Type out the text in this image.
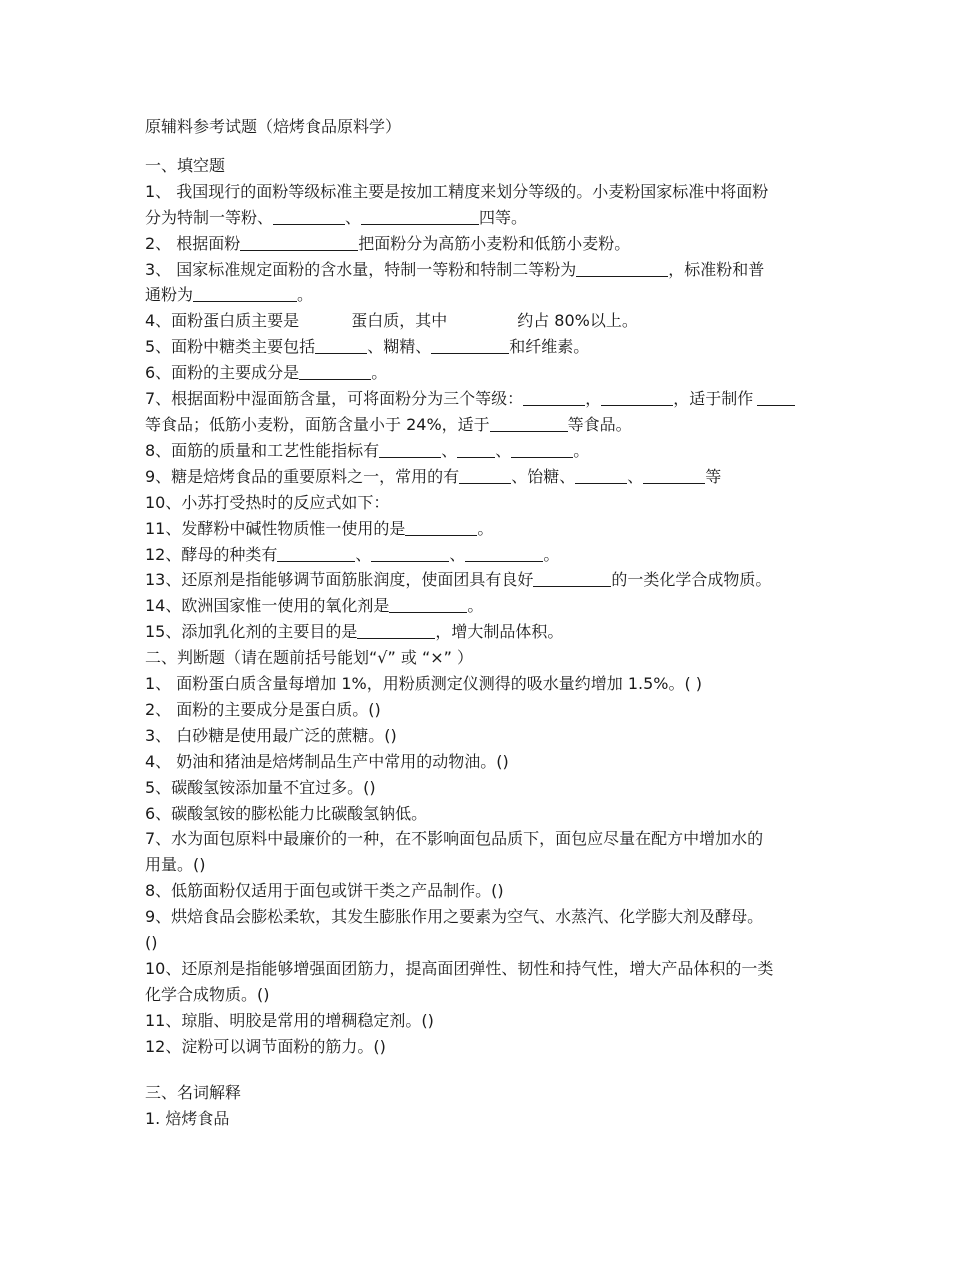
原辅料参考试题（焙烤食品原料学）
一、填空题
1、 我国现行的面粉等级标准主要是按加工精度来划分等级的。小麦粉国家标准中将面粉
分为特制一等粉、	、	四等。
2、 根据面粉	把面粉分为高筋小麦粉和低筋小麦粉。
3、 国家标准规定面粉的含水量，特制一等粉和特制二等粉为	，标准粉和普
通粉为	。
4、面粉蛋白质主要是	蛋白质，其中	约占 80%以上。
5、面粉中糖类主要包括	、糊精、	和纤维素。
6、面粉的主要成分是	。
7、根据面粉中湿面筋含量，可将面粉分为三个等级：	，	，适于制作
等食品；低筋小麦粉，面筋含量小于 24%，适于	等食品。
8、面筋的质量和工艺性能指标有	、 、	。
9、糖是焙烤食品的重要原料之一，常用的有	、饴糖、	、	等
10、小苏打受热时的反应式如下：
11、发酵粉中碱性物质惟一使用的是	。
12、酵母的种类有	、	、	。
13、还原剂是指能够调节面筋胀润度，使面团具有良好	的一类化学合成物质。
14、欧洲国家惟一使用的氧化剂是	。
15、添加乳化剂的主要目的是	，增大制品体积。
二、判断题（请在题前括号能划“√” 或 “×” ）
1、 面粉蛋白质含量每增加 1%，用粉质测定仪测得的吸水量约增加 1.5%。( )
2、 面粉的主要成分是蛋白质。()
3、 白砂糖是使用最广泛的蔗糖。()
4、 奶油和猪油是焙烤制品生产中常用的动物油。()
5、碳酸氢铵添加量不宜过多。()
6、碳酸氢铵的膨松能力比碳酸氢钠低。
7、水为面包原料中最廉价的一种，在不影响面包品质下，面包应尽量在配方中增加水的
用量。()
8、低筋面粉仅适用于面包或饼干类之产品制作。()
9、烘焙食品会膨松柔软，其发生膨胀作用之要素为空气、水蒸汽、化学膨大剂及酵母。
()
10、还原剂是指能够增强面团筋力，提高面团弹性、韧性和持气性，增大产品体积的一类
化学合成物质。()
11、琼脂、明胶是常用的增稠稳定剂。()
12、淀粉可以调节面粉的筋力。()
三、名词解释
1. 焙烤食品
